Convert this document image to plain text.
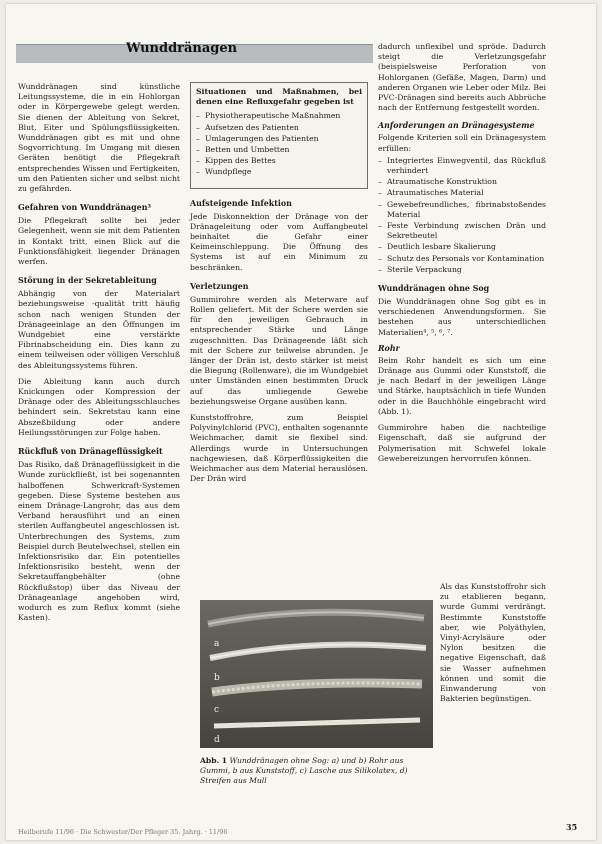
Wunddränagen

Wunddränagen sind künstliche Leitungssysteme, die in ein Hohlorgan oder in Körpergewebe gelegt werden. Sie dienen der Ableitung von Sekret, Blut, Eiter und Spülungsflüssigkeiten. Wunddränagen gibt es mit und ohne Sogvorrichtung. Im Umgang mit diesen Geräten benötigt die Pflegekraft entsprechendes Wissen und Fertigkeiten, um den Patienten sicher und selbst nicht zu gefährden.

Gefahren von Wunddränagen³

Die Pflegekraft sollte bei jeder Gelegenheit, wenn sie mit dem Patienten in Kontakt tritt, einen Blick auf die Funktionsfähigkeit liegender Dränagen werfen.

Störung in der Sekretableitung

Abhängig von der Materialart beziehungsweise -qualität tritt häufig schon nach wenigen Stunden der Dränageeinlage an den Öffnungen im Wundgebiet eine verstärkte Fibrinabscheidung ein. Dies kann zu einem teilweisen oder völligen Verschluß des Ableitungssystems führen.

Die Ableitung kann auch durch Knickungen oder Kompression der Dränage oder des Ableitungsschlauches behindert sein. Sekretstau kann eine Abszeßbildung oder andere Heilungsstörungen zur Folge haben.

Rückfluß von Dränageflüssigkeit

Das Risiko, daß Dränageflüssigkeit in die Wunde zurückfließt, ist bei sogenannten halboffenen Schwerkraft-Systemen gegeben. Diese Systeme bestehen aus einem Dränage-Langrohr, das aus dem Verband herausführt und an einen sterilen Auffangbeutel angeschlossen ist. Unterbrechungen des Systems, zum Beispiel durch Beutelwechsel, stellen ein Infektionsrisiko dar. Ein potentielles Infektionsrisiko besteht, wenn der Sekretauffangbehälter (ohne Rückflußstop) über das Niveau der Dränageanlage angehoben wird, wodurch es zum Reflux kommt (siehe Kasten).

Situationen und Maßnahmen, bei denen eine Refluxgefahr gegeben ist
– Physiotherapeutische Maßnahmen
– Aufsetzen des Patienten
– Umlagerungen des Patienten
– Betten und Umbetten
– Kippen des Bettes
– Wundpflege
Aufsteigende Infektion

Jede Diskonnektion der Dränage von der Dränageleitung oder vom Auffangbeutel beinhaltet die Gefahr einer Keimeinschleppung. Die Öffnung des Systems ist auf ein Minimum zu beschränken.

Verletzungen

Gummirohre werden als Meterware auf Rollen geliefert. Mit der Schere werden sie für den jeweiligen Gebrauch in entsprechender Stärke und Länge zugeschnitten. Das Dränageende läßt sich mit der Schere zur teilweise abrunden. Je länger der Drän ist, desto stärker ist meist die Biegung (Rollenware), die im Wundgebiet unter Umständen einen bestimmten Druck auf das umliegende Gewebe beziehungsweise Organe ausüben kann.

Kunststoffrohre, zum Beispiel Polyvinylchlorid (PVC), enthalten sogenannte Weichmacher, damit sie flexibel sind. Allerdings wurde in Untersuchungen nachgewiesen, daß Körperflüssigkeiten die Weichmacher aus dem Material herauslösen. Der Drän wird

dadurch unflexibel und spröde. Dadurch steigt die Verletzungsgefahr (beispielsweise Perforation von Hohlorganen (Gefäße, Magen, Darm) und anderen Organen wie Leber oder Milz. Bei PVC-Dränagen sind bereits auch Abbrüche nach der Entfernung festgestellt worden.

Anforderungen an Dränagesysteme

Folgende Kriterien soll ein Dränagesystem erfüllen:

– Integriertes Einwegventil, das Rückfluß verhindert
– Atraumatische Konstruktion
– Atraumatisches Material
– Gewebefreundliches, fibrinabstoßendes Material
– Feste Verbindung zwischen Drän und Sekretbeutel
– Deutlich lesbare Skalierung
– Schutz des Personals vor Kontamination
– Sterile Verpackung
Wunddränagen ohne Sog

Die Wunddränagen ohne Sog gibt es in verschiedenen Anwendungsformen. Sie bestehen aus unterschiedlichen Materialien⁴, ⁵, ⁶, ⁷.

Rohr

Beim Rohr handelt es sich um eine Dränage aus Gummi oder Kunststoff, die je nach Bedarf in der jeweiligen Länge und Stärke, hauptsächlich in tiefe Wunden oder in die Bauchhöhle eingebracht wird (Abb. 1).

Gummirohre haben die nachteilige Eigenschaft, daß sie aufgrund der Polymerisation mit Schwefel lokale Gewebereizungen hervorrufen können.

Als das Kunststoffrohr sich zu etablieren begann, wurde Gummi verdrängt. Bestimmte Kunststoffe aber, wie Polyäthylen, Vinyl-Acrylsäure oder Nylon besitzen die negative Eigenschaft, daß sie Wasser aufnehmen können und somit die Einwanderung von Bakterien begünstigen.

a
b
c
d
Abb. 1 Wunddränagen ohne Sog: a) und b) Rohr aus Gummi, b aus Kunststoff, c) Lasche aus Silikolatex, d) Streifen aus Mull
Heilberufe 11/96 · Die Schwester/Der Pfleger 35. Jahrg. · 11/96	35
